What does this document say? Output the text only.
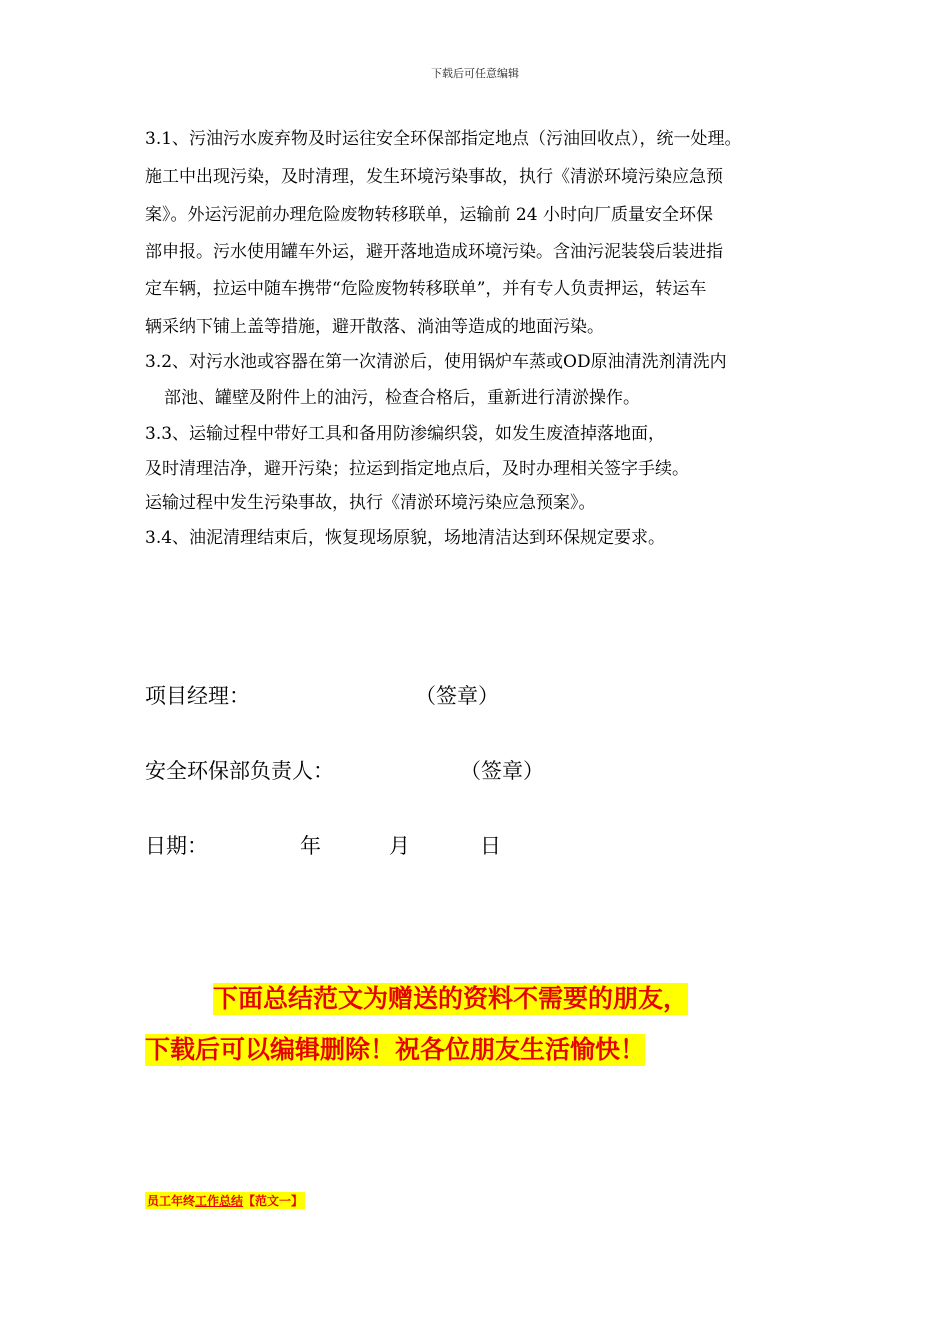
下载后可任意编辑
3.1、污油污水废弃物及时运往安全环保部指定地点（污油回收点），统一处理。
施工中出现污染，及时清理，发生环境污染事故，执行《清淤环境污染应急预
案》。外运污泥前办理危险废物转移联单，运输前 24 小时向厂质量安全环保
部申报。污水使用罐车外运，避开落地造成环境污染。含油污泥装袋后装进指
定车辆，拉运中随车携带“危险废物转移联单”，并有专人负责押运，转运车
辆采纳下铺上盖等措施，避开散落、淌油等造成的地面污染。
3.2、对污水池或容器在第一次清淤后，使用锅炉车蒸或OD原油清洗剂清洗内
部池、罐壁及附件上的油污，检查合格后，重新进行清淤操作。
3.3、运输过程中带好工具和备用防渗编织袋，如发生废渣掉落地面，
及时清理洁净，避开污染；拉运到指定地点后，及时办理相关签字手续。
运输过程中发生污染事故，执行《清淤环境污染应急预案》。
3.4、油泥清理结束后，恢复现场原貌，场地清洁达到环保规定要求。
项目经理：	（签章）
安全环保部负责人：	（签章）
日期：	年	月	日
下面总结范文为赠送的资料不需要的朋友，
下载后可以编辑删除！祝各位朋友生活愉快！
员工年终工作总结【范文一】
